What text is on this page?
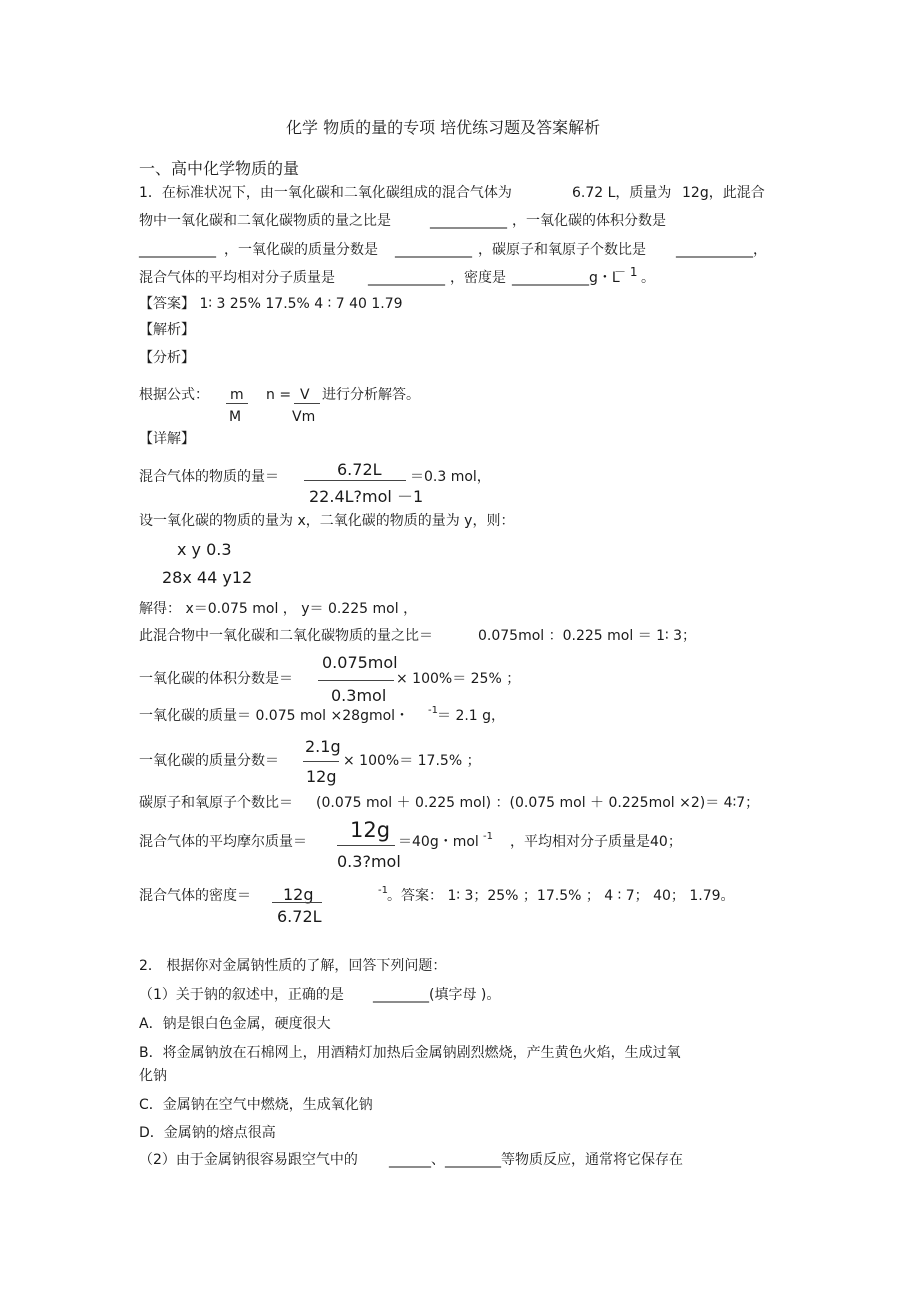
化学 物质的量的专项 培优练习题及答案解析
一、高中化学物质的量
1．在标准状况下，由一氧化碳和二氧化碳组成的混合气体为	6.72 L，质量为 12g，此混合
物中一氧化碳和二氧化碳物质的量之比是	___________ ，一氧化碳的体积分数是
___________ ，一氧化碳的质量分数是 ___________ ，碳原子和氧原子个数比是 ___________，
混合气体的平均相对分子质量是 ___________ ，密度是 ___________g・L
－ 1 。
【答案】 1∶ 3 25% 17.5% 4 ∶ 7 40 1.79
【解析】
【分析】
根据公式： m n = V 进行分析解答。
M	Vm
【详解】
6.72L
混合气体的物质的量＝	＝0.3 mol，
22.4L?mol －1
设一氧化碳的物质的量为 x，二氧化碳的物质的量为 y，则：
x y 0.3
28x 44 y12
解得： x＝0.075 mol ， y＝ 0.225 mol ，
此混合物中一氧化碳和二氧化碳物质的量之比＝	0.075mol ：0.225 mol ＝ 1∶ 3；
0.075mol
一氧化碳的体积分数是＝	× 100%＝ 25% ；
0.3mol
一氧化碳的质量＝ 0.075 mol ×28gmol・ -1 ＝ 2.1 g，
2.1g
一氧化碳的质量分数＝	× 100%＝ 17.5% ；
12g
碳原子和氧原子个数比＝ (0.075 mol ＋ 0.225 mol) ：(0.075 mol ＋ 0.225mol ×2)＝ 4∶7；
12g
混合气体的平均摩尔质量＝	＝40g・mol -1 ，平均相对分子质量是40；
0.3?mol
混合气体的密度＝ 12g	-1 。答案： 1∶ 3；25% ；17.5% ； 4 ∶ 7； 40； 1.79。
6.72L
2． 根据你对金属钠性质的了解，回答下列问题：
（1）关于钠的叙述中，正确的是 ________(填字母 )。
A．钠是银白色金属，硬度很大
B．将金属钠放在石棉网上，用酒精灯加热后金属钠剧烈燃烧，产生黄色火焰，生成过氧
化钠
C．金属钠在空气中燃烧，生成氧化钠
D．金属钠的熔点很高
（2）由于金属钠很容易跟空气中的 ______、________等物质反应，通常将它保存在
